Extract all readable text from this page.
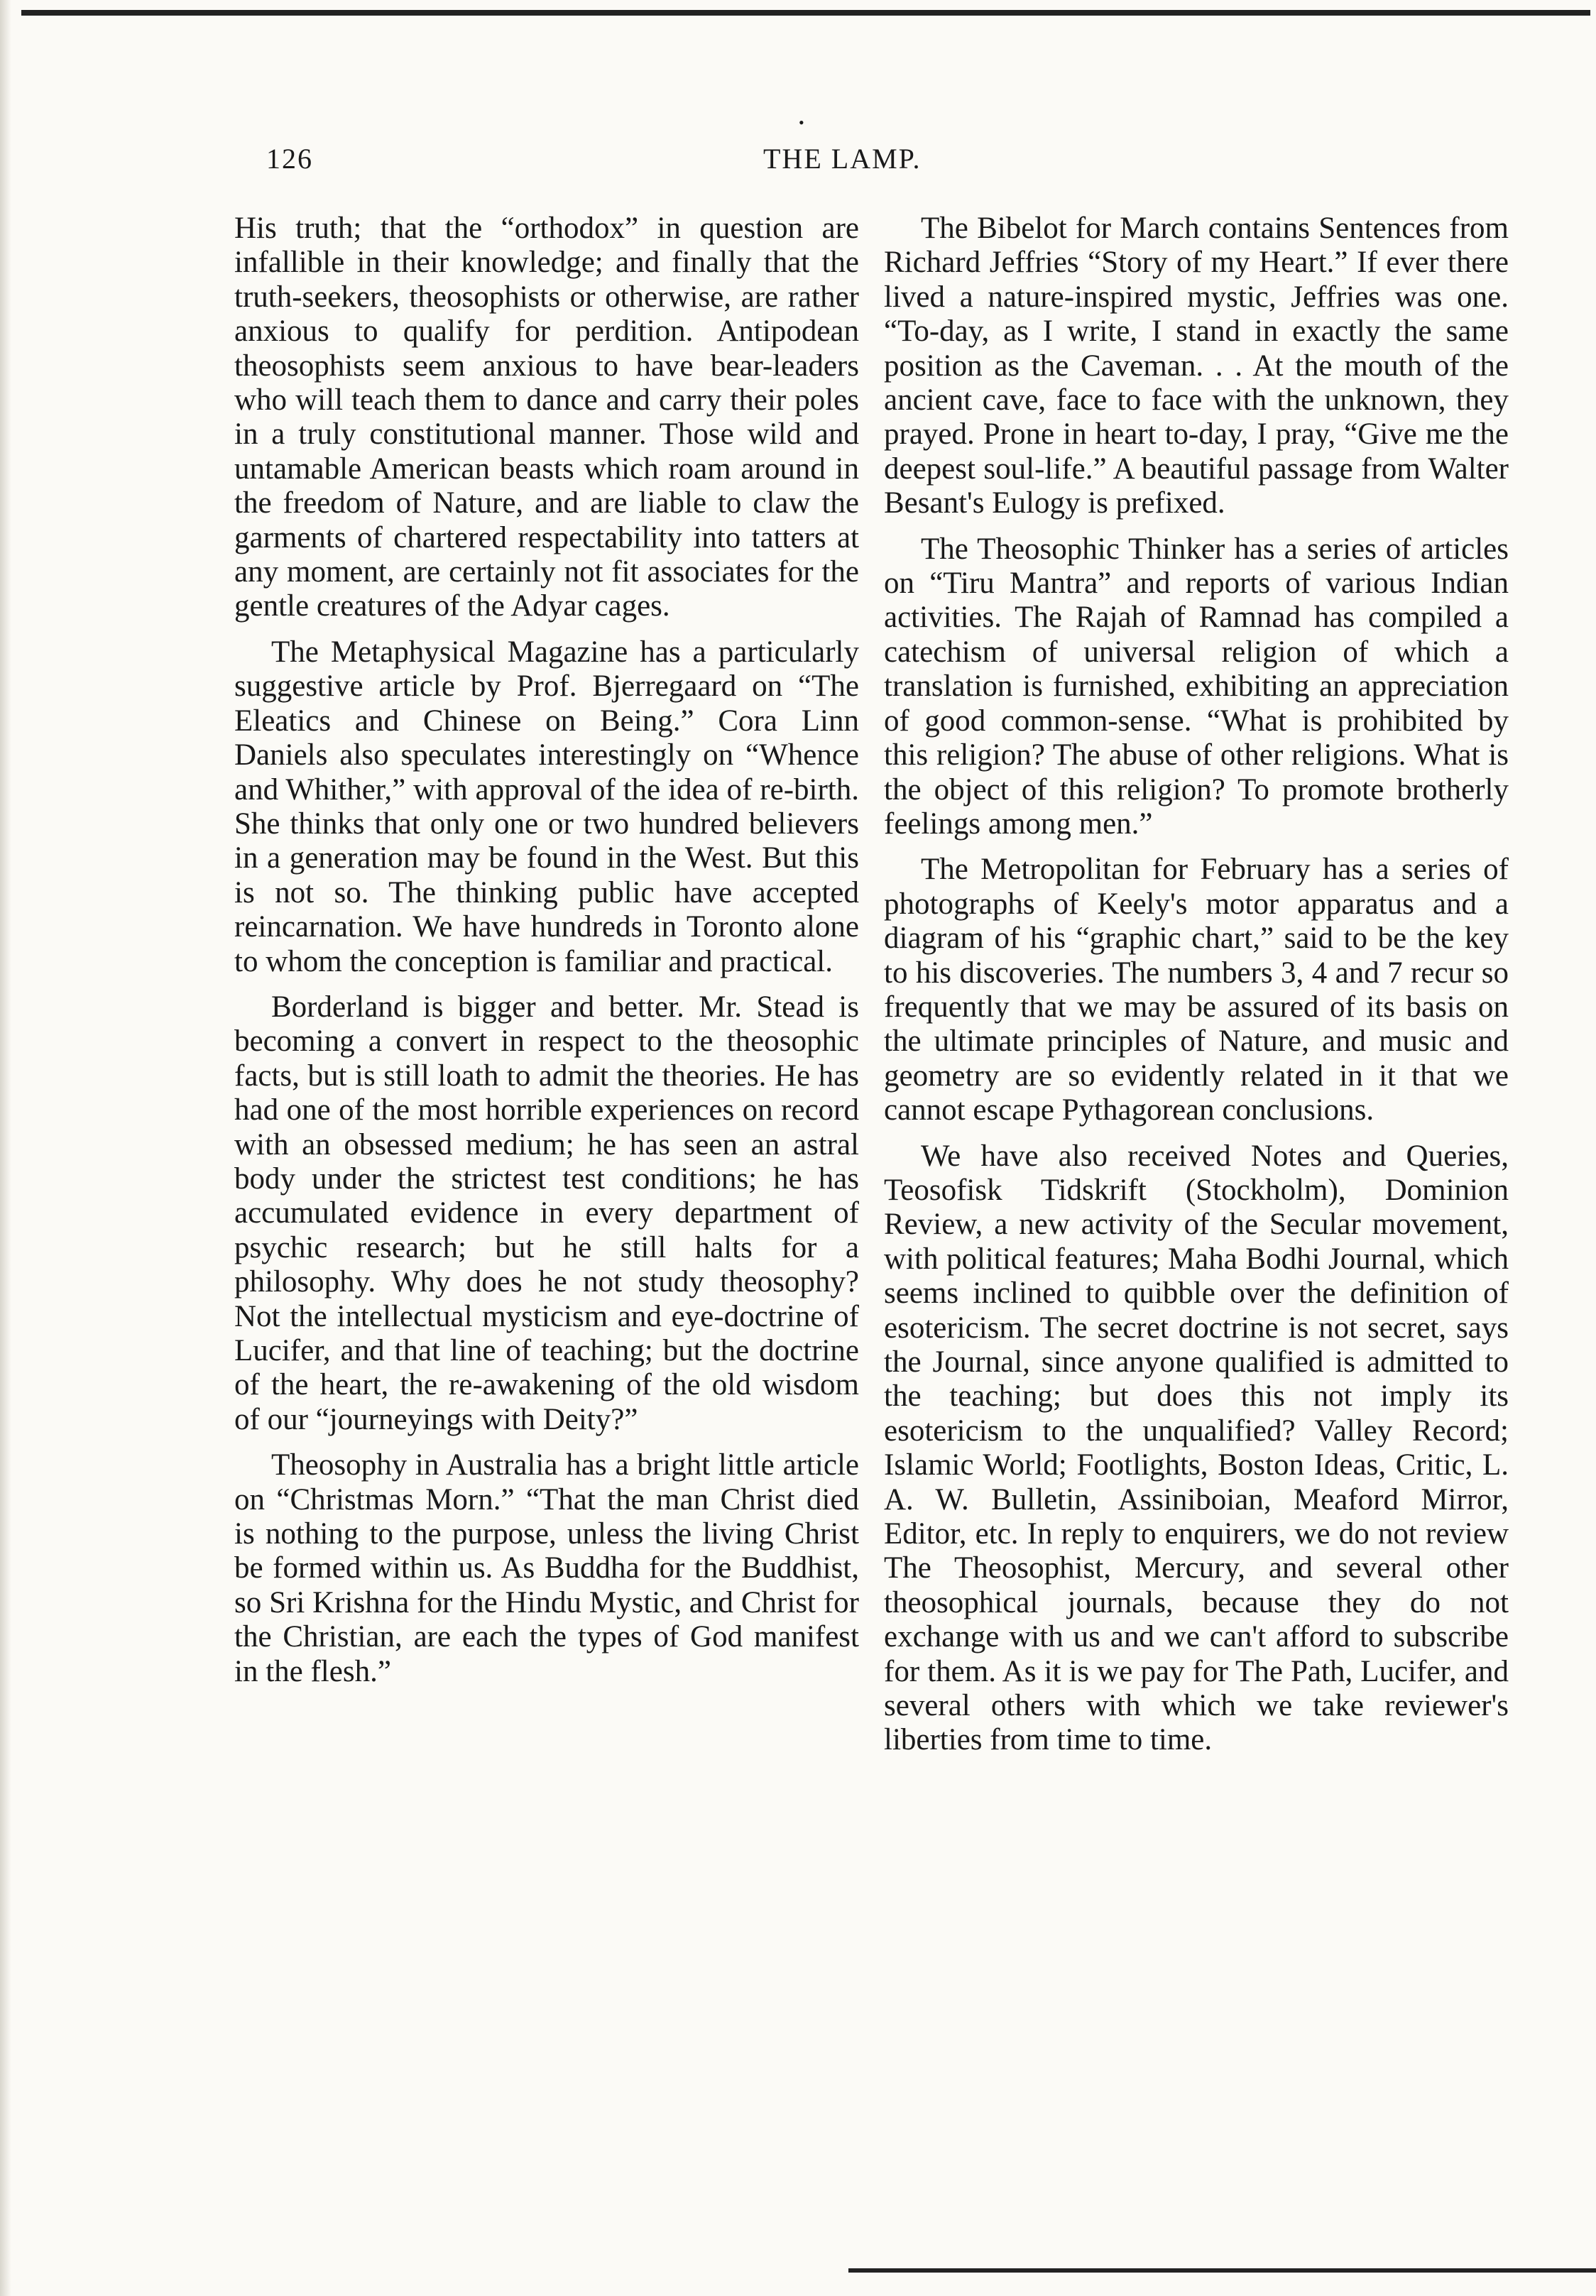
•
126	THE LAMP.

His truth; that the “orthodox” in question are infallible in their knowledge; and finally that the truth-seekers, theosophists or otherwise, are rather anxious to qualify for perdition. Antipodean theosophists seem anxious to have bear-leaders who will teach them to dance and carry their poles in a truly constitutional manner. Those wild and untamable American beasts which roam around in the freedom of Nature, and are liable to claw the garments of chartered respectability into tatters at any moment, are certainly not fit associates for the gentle creatures of the Adyar cages.

The Metaphysical Magazine has a particularly suggestive article by Prof. Bjerregaard on “The Eleatics and Chinese on Being.” Cora Linn Daniels also speculates interestingly on “Whence and Whither,” with approval of the idea of re-birth. She thinks that only one or two hundred believers in a generation may be found in the West. But this is not so. The thinking public have accepted reincarnation. We have hundreds in Toronto alone to whom the conception is familiar and practical.

Borderland is bigger and better. Mr. Stead is becoming a convert in respect to the theosophic facts, but is still loath to admit the theories. He has had one of the most horrible experiences on record with an obsessed medium; he has seen an astral body under the strictest test conditions; he has accumulated evidence in every department of psychic research; but he still halts for a philosophy. Why does he not study theosophy? Not the intellectual mysticism and eye-doctrine of Lucifer, and that line of teaching; but the doctrine of the heart, the re-awakening of the old wisdom of our “journeyings with Deity?”

Theosophy in Australia has a bright little article on “Christmas Morn.” “That the man Christ died is nothing to the purpose, unless the living Christ be formed within us. As Buddha for the Buddhist, so Sri Krishna for the Hindu Mystic, and Christ for the Christian, are each the types of God manifest in the flesh.”

The Bibelot for March contains Sentences from Richard Jeffries “Story of my Heart.” If ever there lived a nature-inspired mystic, Jeffries was one. “To-day, as I write, I stand in exactly the same position as the Caveman. . . At the mouth of the ancient cave, face to face with the unknown, they prayed. Prone in heart to-day, I pray, “Give me the deepest soul-life.” A beautiful passage from Walter Besant's Eulogy is prefixed.

The Theosophic Thinker has a series of articles on “Tiru Mantra” and reports of various Indian activities. The Rajah of Ramnad has compiled a catechism of universal religion of which a translation is furnished, exhibiting an appreciation of good common-sense. “What is prohibited by this religion? The abuse of other religions. What is the object of this religion? To promote brotherly feelings among men.”

The Metropolitan for February has a series of photographs of Keely's motor apparatus and a diagram of his “graphic chart,” said to be the key to his discoveries. The numbers 3, 4 and 7 recur so frequently that we may be assured of its basis on the ultimate principles of Nature, and music and geometry are so evidently related in it that we cannot escape Pythagorean conclusions.

We have also received Notes and Queries, Teosofisk Tidskrift (Stockholm), Dominion Review, a new activity of the Secular movement, with political features; Maha Bodhi Journal, which seems inclined to quibble over the definition of esotericism. The secret doctrine is not secret, says the Journal, since anyone qualified is admitted to the teaching; but does this not imply its esotericism to the unqualified? Valley Record; Islamic World; Footlights, Boston Ideas, Critic, L. A. W. Bulletin, Assiniboian, Meaford Mirror, Editor, etc. In reply to enquirers, we do not review The Theosophist, Mercury, and several other theosophical journals, because they do not exchange with us and we can't afford to subscribe for them. As it is we pay for The Path, Lucifer, and several others with which we take reviewer's liberties from time to time.
